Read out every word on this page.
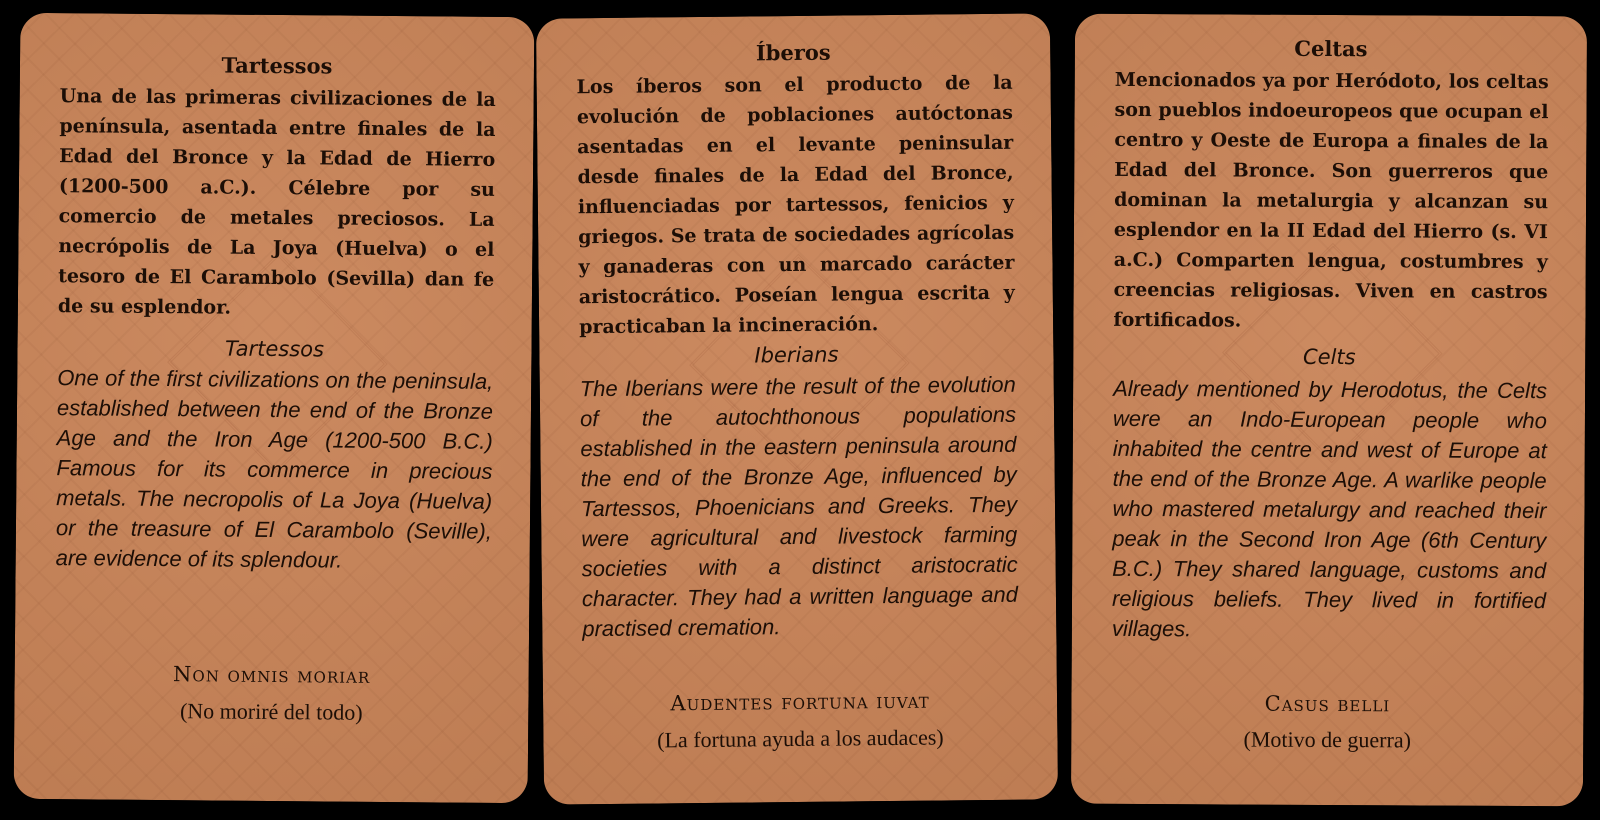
Tartessos
Una de las primeras civilizaciones de la península, asentada entre finales de la Edad del Bronce y la Edad de Hierro (1200-500 a.C.). Célebre por su comercio de metales preciosos. La necrópolis de La Joya (Huelva) o el tesoro de El Carambolo (Sevilla) dan fe de su esplendor.
Tartessos
One of the first civilizations on the peninsula, established between the end of the Bronze Age and the Iron Age (1200-500 B.C.) Famous for its commerce in precious metals. The necropolis of La Joya (Huelva) or the treasure of El Carambolo (Seville), are evidence of its splendour.
Non omnis moriar
(No moriré del todo)
Íberos
Los íberos son el producto de la evolución de poblaciones autóctonas asentadas en el levante peninsular desde finales de la Edad del Bronce, influenciadas por tartessos, fenicios y griegos. Se trata de sociedades agrícolas y ganaderas con un marcado carácter aristocrático. Poseían lengua escrita y practicaban la incineración.
Iberians
The Iberians were the result of the evolution of the autochthonous populations established in the eastern peninsula around the end of the Bronze Age, influenced by Tartessos, Phoenicians and Greeks. They were agricultural and livestock farming societies with a distinct aristocratic character. They had a written language and practised cremation.
Audentes fortuna iuvat
(La fortuna ayuda a los audaces)
Celtas
Mencionados ya por Heródoto, los celtas son pueblos indoeuropeos que ocupan el centro y Oeste de Europa a finales de la Edad del Bronce. Son guerreros que dominan la metalurgia y alcanzan su esplendor en la II Edad del Hierro (s. VI a.C.) Comparten lengua, costumbres y creencias religiosas. Viven en castros fortificados.
Celts
Already mentioned by Herodotus, the Celts were an Indo-European people who inhabited the centre and west of Europe at the end of the Bronze Age. A warlike people who mastered metalurgy and reached their peak in the Second Iron Age (6th Century B.C.) They shared language, customs and religious beliefs. They lived in fortified villages.
Casus belli
(Motivo de guerra)
